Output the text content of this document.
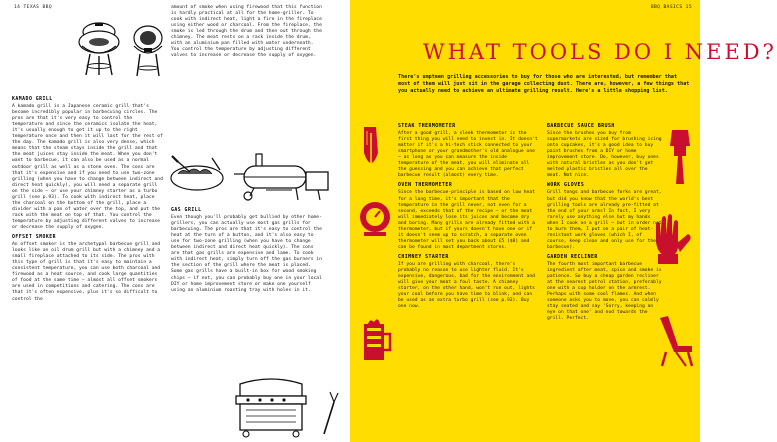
14 TEXAS BBQ
KAMADO GRILL

A kamado grill is a Japanese ceramic grill that's become incredibly popular in barbecuing circles. The pros are that it's very easy to control the temperature and since the ceramics isolate the heat, it's usually enough to get it up to the right temperature once and then it will last for the rest of the day. The kamado grill is also very dense, which means that the steam stays inside the grill and that the meat juices stay inside the meat. When you don't want to barbecue, it can also be used as a normal outdoor grill as well as a stone oven. The cons are that it's expensive and if you need to use two-zone grilling (when you have to change between indirect and direct heat quickly), you will need a separate grill on the side – or use your chimney starter as a turbo grill (see p.93). To cook with indirect heat, place the charcoal on the bottom of the grill, place a divider with a pan of water over the top, and put the rack with the meat on top of that. You control the temperature by adjusting different valves to increase or decrease the supply of oxygen.

OFFSET SMOKER

An offset smoker is the archetypal barbecue grill and looks like an oil drum grill but with a chimney and a small fireplace attached to its side. The pros with this type of grill is that it's easy to maintain a consistent temperature, you can use both charcoal and firewood as a heat source, and cook large quantities of food at the same time – almost all offset smokers are used in competitions and catering. The cons are that it's often expensive, plus it's so difficult to control the

amount of smoke when using firewood that this function is hardly practical at all for the home-griller. To cook with indirect heat, light a fire in the fireplace using either wood or charcoal. From the fireplace, the smoke is led through the drum and then out through the chimney. The meat rests on a rack inside the drum, with an aluminium pan filled with water underneath. You control the temperature by adjusting different valves to increase or decrease the supply of oxygen.

GAS GRILL

Even though you'll probably get bullied by other home-grillers, you can actually use most gas grills for barbecuing. The pros are that it's easy to control the heat at the turn of a button, and it's also easy to use for two-zone grilling (when you have to change between indirect and direct heat quickly). The cons are that gas grills are expensive and lame. To cook with indirect heat, simply turn off the gas burners in the section of the grill where the meat is placed. Some gas grills have a built-in box for wood smoking chips – if not, you can probably buy one in your local DIY or home improvement store or make one yourself using an aluminium roasting tray with holes in it.

BBQ BASICS 15
WHAT TOOLS DO I NEED?
There's umpteen grilling accessories to buy for those who are interested, but remember that most of them will just sit in the garage collecting dust. There are, however, a few things that you actually need to achieve an ultimate grilling result. Here's a little shopping list.
STEAK THERMOMETER

After a good grill, a sleek thermometer is the first thing you will need to invest in. It doesn't matter if it's a hi-tech stick connected to your smartphone or your grandmother's old analogue one – as long as you can measure the inside temperature of the meat, you will eliminate all the guessing and you can achieve that perfect barbecue result (almost) every time.

OVEN THERMOMETER

Since the barbecue-principle is based on low heat for a long time, it's important that the temperature in the grill never, not even for a second, exceeds that of the recipe – or the meat will immediately lose its juices and become dry and boring. Many grills are already fitted with a thermometer, but if yours doesn't have one or if it doesn't seem up to scratch, a separate oven thermometer will set you back about £5 ($8) and can be found in most department stores.

CHIMNEY STARTER

If you are grilling with charcoal, there's probably no reason to use lighter fluid. It's expensive, dangerous, bad for the environment and will give your meat a foul taste. A chimney starter, on the other hand, won't run out, lights your coal before you have time to blink, and can be used as an extra turbo grill (see p.93). Buy one now.

BARBECUE SAUCE BRUSH

Since the brushes you buy from supermarkets are sized for brushing icing onto cupcakes, it's a good idea to buy paint brushes from a DIY or home improvement store. Do, however, buy ones with natural bristles as you don't get melted plastic bristles all over the meat. Not nice.

WORK GLOVES

Grill tongs and barbecue forks are great, but did you know that the world's best grilling tools are already pre-fitted at the end of your arms? In fact, I very rarely use anything else but my hands when I cook on a grill – but in order not to burn them, I put on a pair of heat-resistant work gloves (which I, of course, keep clean and only use for the barbecue).

GARDEN RECLINER

The fourth most important barbecue ingredient after meat, spice and smoke is patience. So buy a cheap garden recliner at the nearest petrol station, preferably one with a cup holder on the armrest. Perhaps with some cool flames. And when someone asks you to move, you can calmly stay seated and say 'Sorry, keeping an eye on that one' and nod towards the grill. Perfect.
